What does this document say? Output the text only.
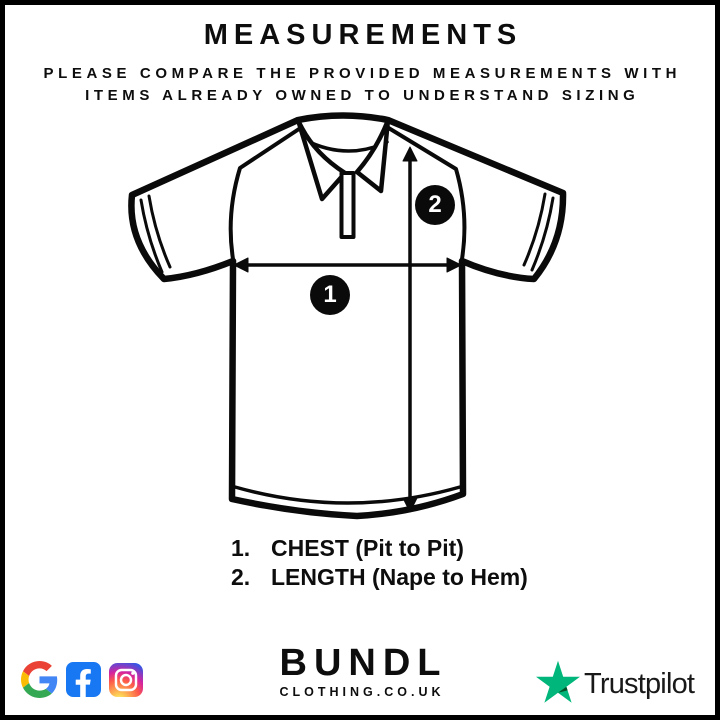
MEASUREMENTS
PLEASE COMPARE THE PROVIDED MEASUREMENTS WITH
ITEMS ALREADY OWNED TO UNDERSTAND SIZING
1
2
1. CHEST (Pit to Pit)
2. LENGTH (Nape to Hem)
BUNDL
CLOTHING.CO.UK	Trustpilot
